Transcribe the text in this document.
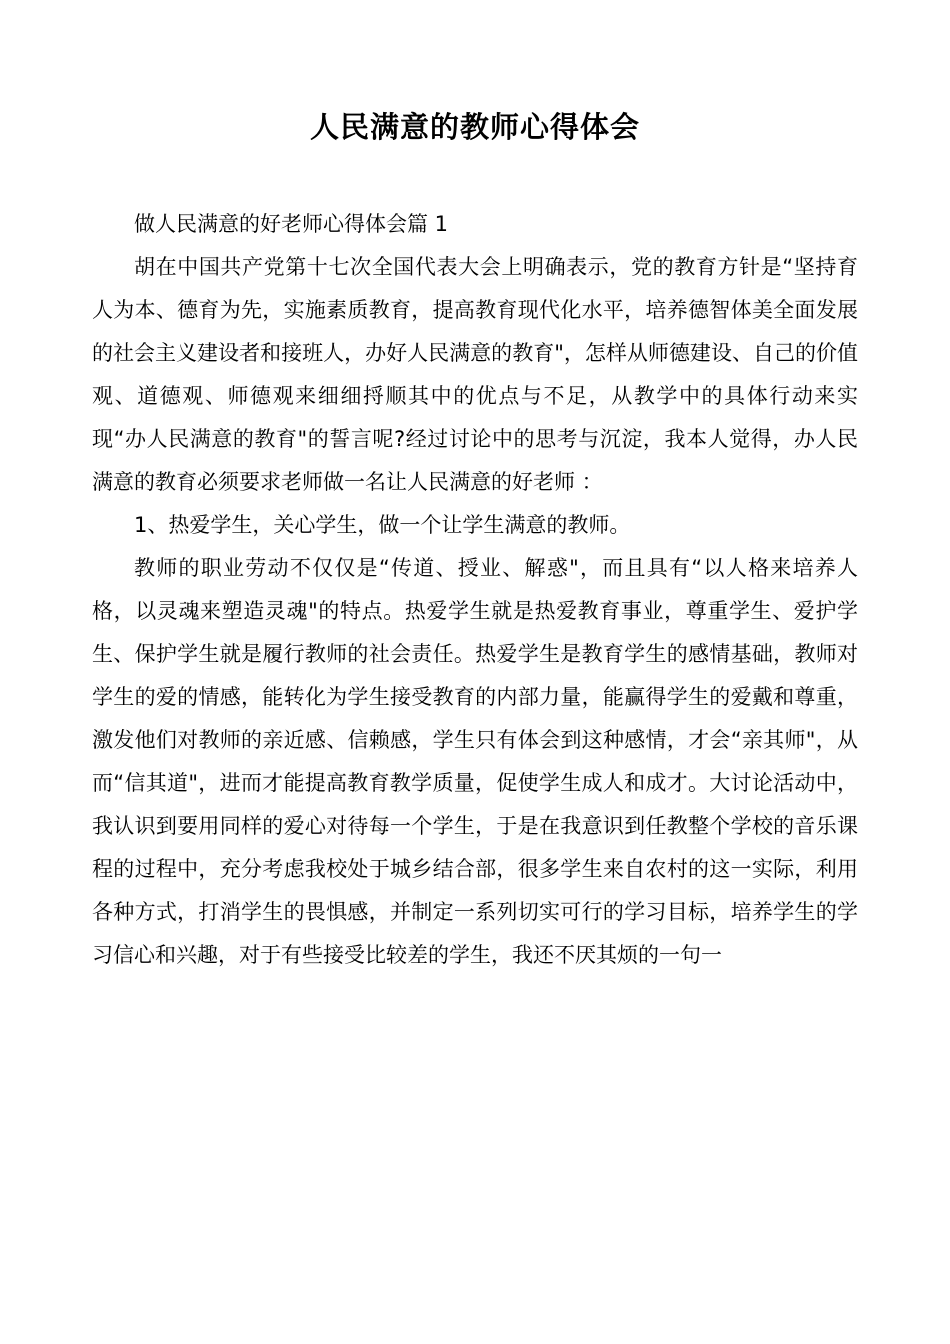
人民满意的教师心得体会

做人民满意的好老师心得体会篇 1

胡在中国共产党第十七次全国代表大会上明确表示，党的教育方针是“坚持育人为本、德育为先，实施素质教育，提高教育现代化水平，培养德智体美全面发展的社会主义建设者和接班人，办好人民满意的教育"，怎样从师德建设、自己的价值观、道德观、师德观来细细捋顺其中的优点与不足，从教学中的具体行动来实现“办人民满意的教育"的誓言呢?经过讨论中的思考与沉淀，我本人觉得，办人民满意的教育必须要求老师做一名让人民满意的好老师 ：

1、热爱学生，关心学生，做一个让学生满意的教师。

教师的职业劳动不仅仅是“传道、授业、解惑"，而且具有“以人格来培养人格，以灵魂来塑造灵魂"的特点。热爱学生就是热爱教育事业，尊重学生、爱护学生、保护学生就是履行教师的社会责任。热爱学生是教育学生的感情基础，教师对学生的爱的情感，能转化为学生接受教育的内部力量，能赢得学生的爱戴和尊重，激发他们对教师的亲近感、信赖感，学生只有体会到这种感情，才会“亲其师"，从而“信其道"，进而才能提高教育教学质量，促使学生成人和成才。大讨论活动中，我认识到要用同样的爱心对待每一个学生，于是在我意识到任教整个学校的音乐课程的过程中，充分考虑我校处于城乡结合部，很多学生来自农村的这一实际，利用各种方式，打消学生的畏惧感，并制定一系列切实可行的学习目标，培养学生的学习信心和兴趣，对于有些接受比较差的学生，我还不厌其烦的一句一
